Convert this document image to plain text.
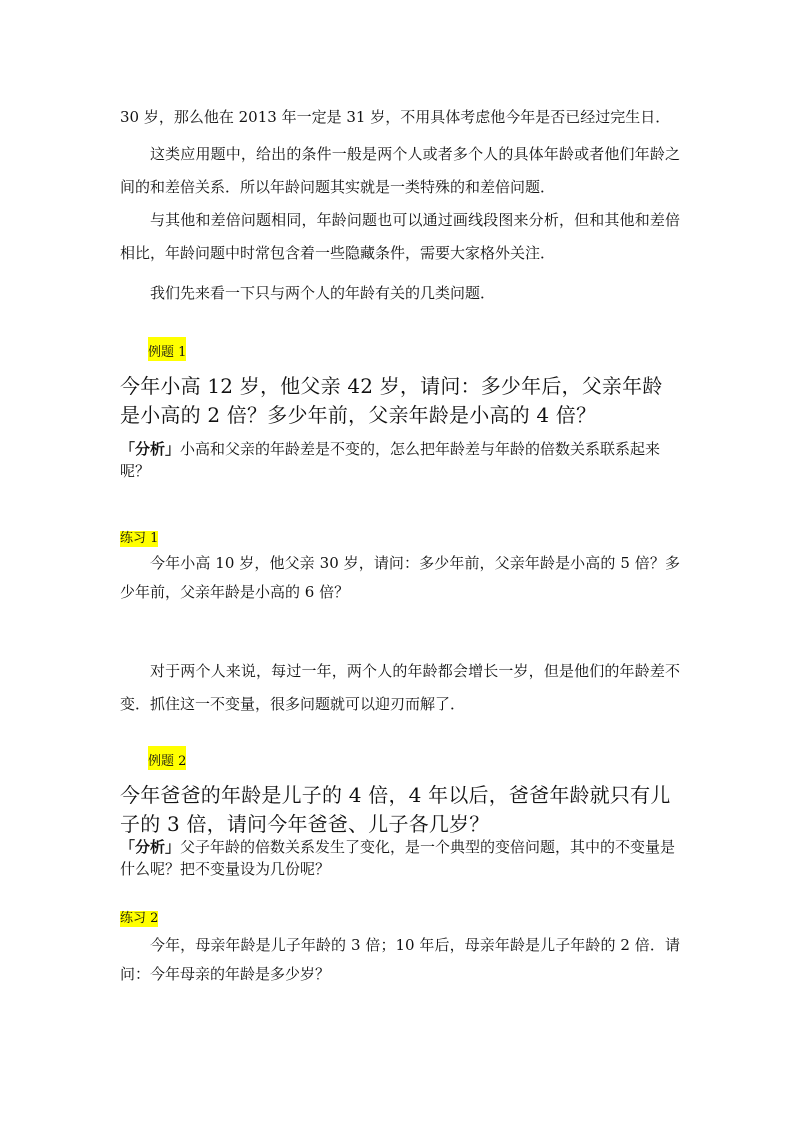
30 岁，那么他在 2013 年一定是 31 岁，不用具体考虑他今年是否已经过完生日．

这类应用题中，给出的条件一般是两个人或者多个人的具体年龄或者他们年龄之间的和差倍关系．所以年龄问题其实就是一类特殊的和差倍问题．

与其他和差倍问题相同，年龄问题也可以通过画线段图来分析，但和其他和差倍相比，年龄问题中时常包含着一些隐藏条件，需要大家格外关注．

我们先来看一下只与两个人的年龄有关的几类问题．

例题 1

今年小高 12 岁，他父亲 42 岁，请问：多少年后，父亲年龄是小高的 2 倍？多少年前，父亲年龄是小高的 4 倍？

「分析」小高和父亲的年龄差是不变的，怎么把年龄差与年龄的倍数关系联系起来呢？

练习 1

今年小高 10 岁，他父亲 30 岁，请问：多少年前，父亲年龄是小高的 5 倍？多少年前，父亲年龄是小高的 6 倍？

对于两个人来说，每过一年，两个人的年龄都会增长一岁，但是他们的年龄差不变．抓住这一不变量，很多问题就可以迎刃而解了．

例题 2

今年爸爸的年龄是儿子的 4 倍，4 年以后，爸爸年龄就只有儿子的 3 倍，请问今年爸爸、儿子各几岁？

「分析」父子年龄的倍数关系发生了变化，是一个典型的变倍问题，其中的不变量是什么呢？把不变量设为几份呢？

练习 2

今年，母亲年龄是儿子年龄的 3 倍；10 年后，母亲年龄是儿子年龄的 2 倍．请问：今年母亲的年龄是多少岁？
